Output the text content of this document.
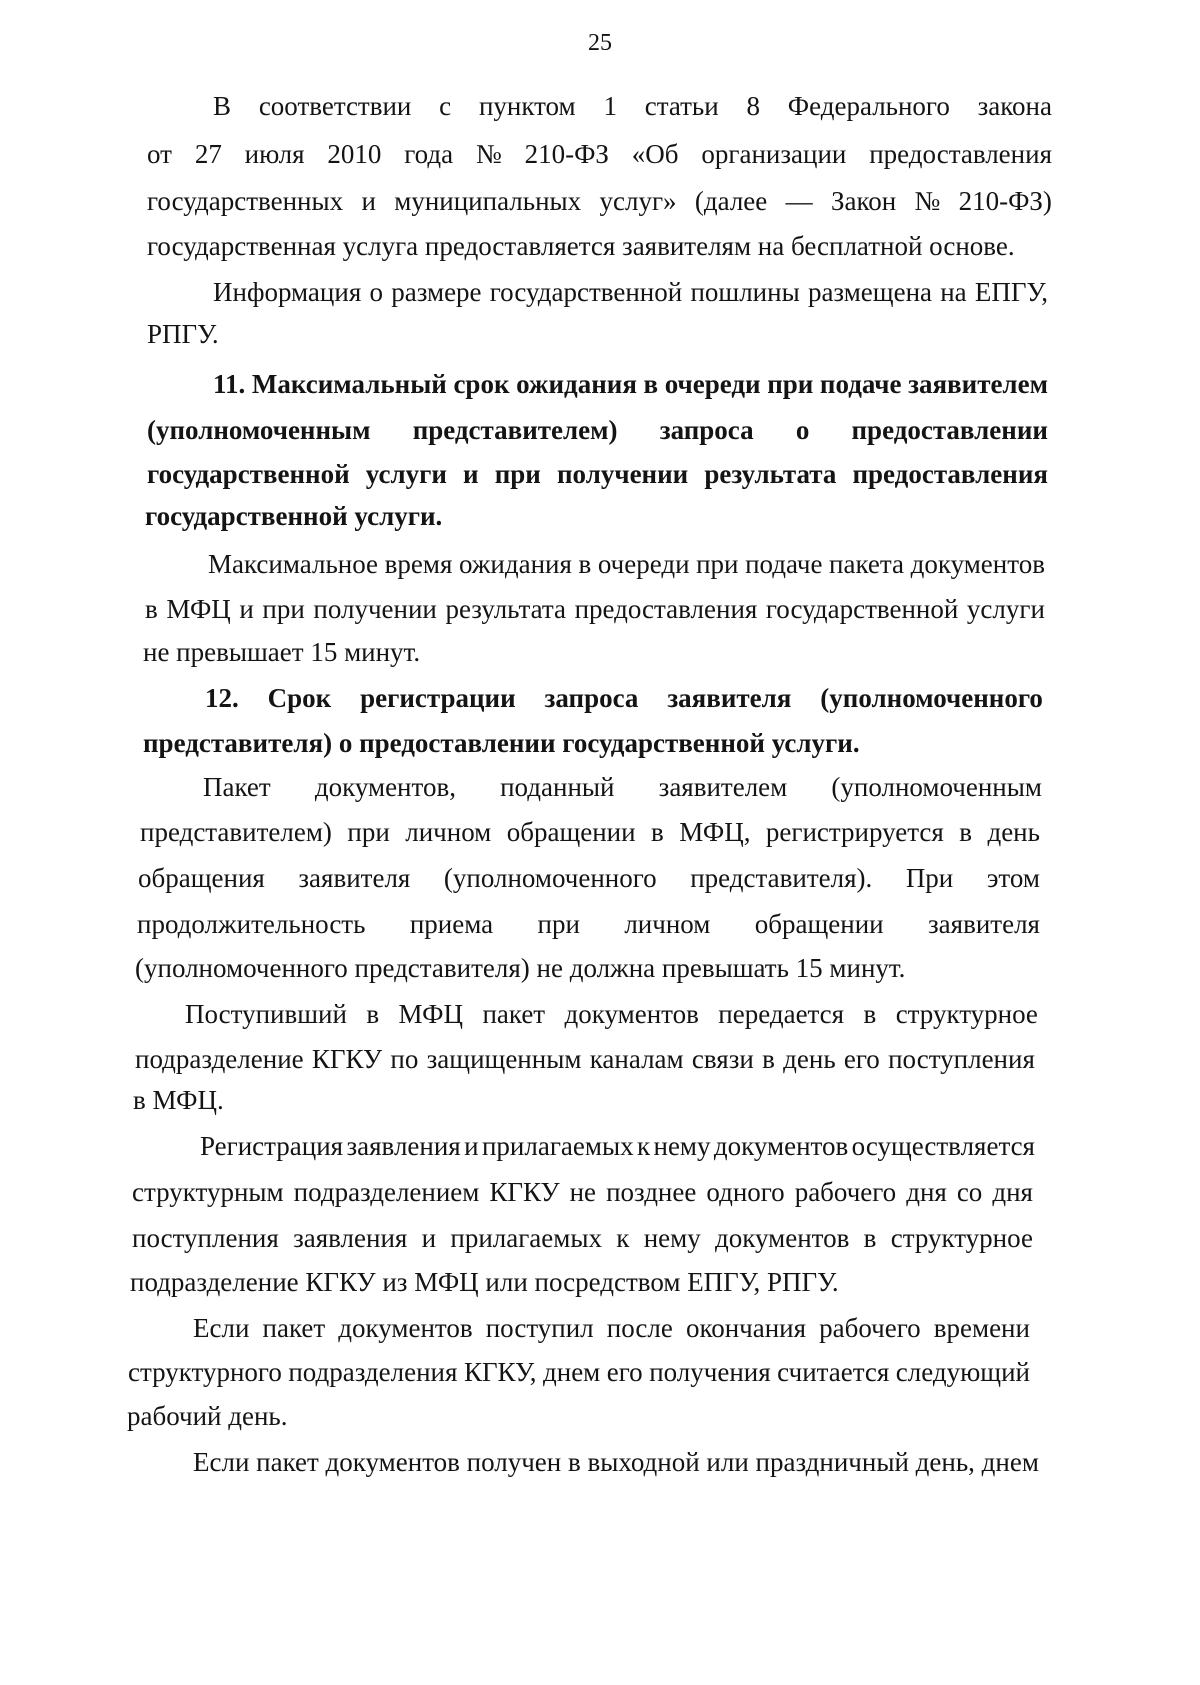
25
В соответствии с пунктом 1 статьи 8 Федерального закона
от 27 июля 2010 года № 210-ФЗ «Об организации предоставления
государственных и муниципальных услуг» (далее — Закон № 210-ФЗ)
государственная услуга предоставляется заявителям на бесплатной основе.
Информация о размере государственной пошлины размещена на ЕПГУ,
РПГУ.
11. Максимальный срок ожидания в очереди при подаче заявителем
(уполномоченным представителем) запроса о предоставлении
государственной услуги и при получении результата предоставления
государственной услуги.
Максимальное время ожидания в очереди при подаче пакета документов
в МФЦ и при получении результата предоставления государственной услуги
не превышает 15 минут.
12. Срок регистрации запроса заявителя (уполномоченного
представителя) о предоставлении государственной услуги.
Пакет документов, поданный заявителем (уполномоченным
представителем) при личном обращении в МФЦ, регистрируется в день
обращения заявителя (уполномоченного представителя). При этом
продолжительность приема при личном обращении заявителя
(уполномоченного представителя) не должна превышать 15 минут.
Поступивший в МФЦ пакет документов передается в структурное
подразделение КГКУ по защищенным каналам связи в день его поступления
в МФЦ.
Регистрация заявления и прилагаемых к нему документов осуществляется
структурным подразделением КГКУ не позднее одного рабочего дня со дня
поступления заявления и прилагаемых к нему документов в структурное
подразделение КГКУ из МФЦ или посредством ЕПГУ, РПГУ.
Если пакет документов поступил после окончания рабочего времени
структурного подразделения КГКУ, днем его получения считается следующий
рабочий день.
Если пакет документов получен в выходной или праздничный день, днем
